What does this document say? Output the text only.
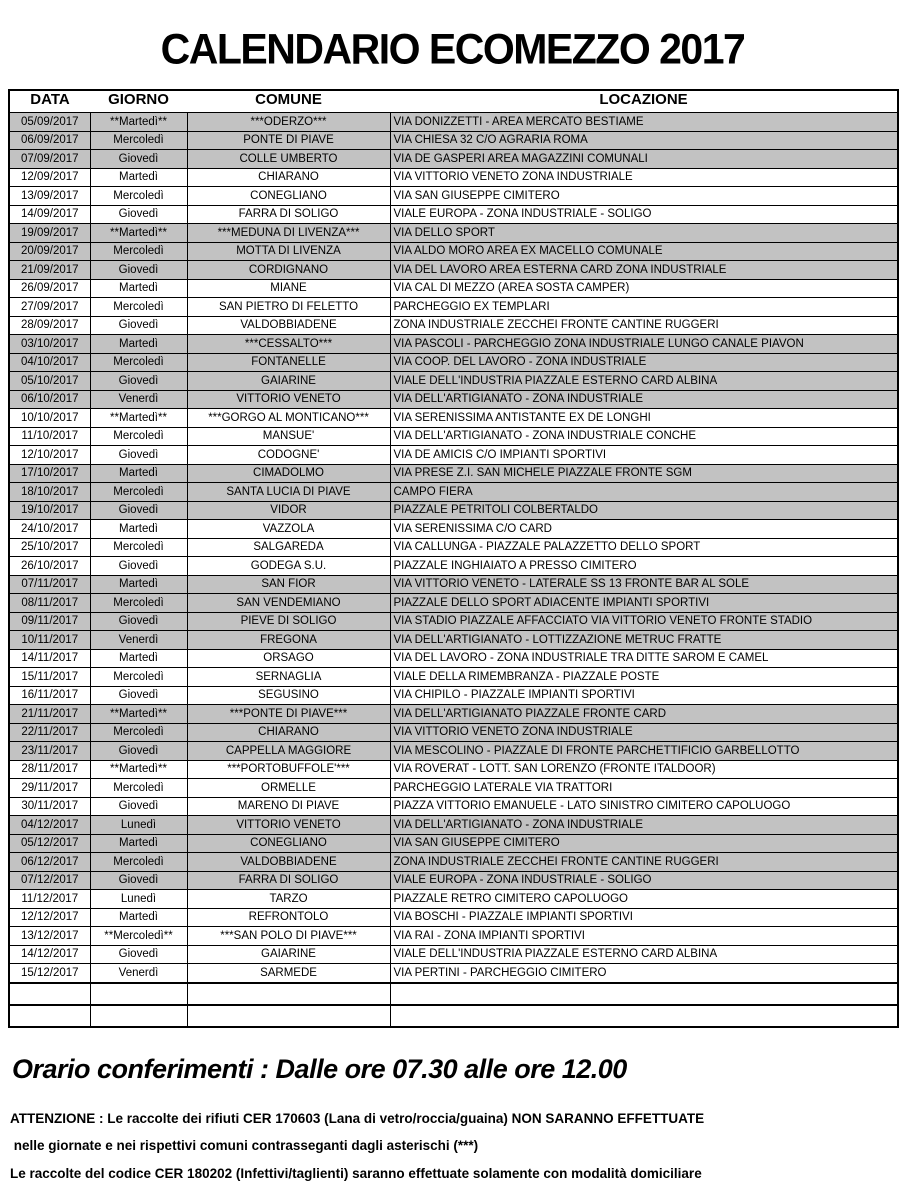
CALENDARIO ECOMEZZO 2017
DATA	GIORNO	COMUNE	LOCAZIONE
05/09/2017	**Martedì**	***ODERZO***	VIA DONIZZETTI - AREA MERCATO BESTIAME
06/09/2017	Mercoledì	PONTE DI PIAVE	VIA CHIESA 32 C/O AGRARIA ROMA
07/09/2017	Giovedì	COLLE UMBERTO	VIA DE GASPERI AREA MAGAZZINI COMUNALI
12/09/2017	Martedì	CHIARANO	VIA VITTORIO VENETO ZONA INDUSTRIALE
13/09/2017	Mercoledì	CONEGLIANO	VIA SAN GIUSEPPE CIMITERO
14/09/2017	Giovedì	FARRA DI SOLIGO	VIALE EUROPA - ZONA INDUSTRIALE - SOLIGO
19/09/2017	**Martedì**	***MEDUNA DI LIVENZA***	VIA DELLO SPORT
20/09/2017	Mercoledì	MOTTA DI LIVENZA	VIA ALDO MORO AREA EX MACELLO COMUNALE
21/09/2017	Giovedì	CORDIGNANO	VIA DEL LAVORO AREA ESTERNA CARD ZONA INDUSTRIALE
26/09/2017	Martedì	MIANE	VIA CAL DI MEZZO (AREA SOSTA CAMPER)
27/09/2017	Mercoledì	SAN PIETRO DI FELETTO	PARCHEGGIO EX TEMPLARI
28/09/2017	Giovedì	VALDOBBIADENE	ZONA INDUSTRIALE ZECCHEI FRONTE CANTINE RUGGERI
03/10/2017	Martedì	***CESSALTO***	VIA PASCOLI - PARCHEGGIO ZONA INDUSTRIALE LUNGO CANALE PIAVON
04/10/2017	Mercoledì	FONTANELLE	VIA COOP. DEL LAVORO - ZONA INDUSTRIALE
05/10/2017	Giovedì	GAIARINE	VIALE DELL'INDUSTRIA PIAZZALE ESTERNO CARD ALBINA
06/10/2017	Venerdì	VITTORIO VENETO	VIA DELL'ARTIGIANATO - ZONA INDUSTRIALE
10/10/2017	**Martedì**	***GORGO AL MONTICANO***	VIA SERENISSIMA ANTISTANTE EX DE LONGHI
11/10/2017	Mercoledì	MANSUE'	VIA DELL'ARTIGIANATO - ZONA INDUSTRIALE CONCHE
12/10/2017	Giovedì	CODOGNE'	VIA DE AMICIS C/O IMPIANTI SPORTIVI
17/10/2017	Martedì	CIMADOLMO	VIA PRESE Z.I. SAN MICHELE PIAZZALE FRONTE SGM
18/10/2017	Mercoledì	SANTA LUCIA DI PIAVE	CAMPO FIERA
19/10/2017	Giovedì	VIDOR	PIAZZALE PETRITOLI COLBERTALDO
24/10/2017	Martedì	VAZZOLA	VIA SERENISSIMA C/O CARD
25/10/2017	Mercoledì	SALGAREDA	VIA CALLUNGA - PIAZZALE PALAZZETTO DELLO SPORT
26/10/2017	Giovedì	GODEGA S.U.	PIAZZALE INGHIAIATO A PRESSO CIMITERO
07/11/2017	Martedì	SAN FIOR	VIA VITTORIO VENETO - LATERALE SS 13 FRONTE BAR AL SOLE
08/11/2017	Mercoledì	SAN VENDEMIANO	PIAZZALE DELLO SPORT ADIACENTE IMPIANTI SPORTIVI
09/11/2017	Giovedì	PIEVE DI SOLIGO	VIA STADIO PIAZZALE AFFACCIATO VIA VITTORIO VENETO FRONTE STADIO
10/11/2017	Venerdì	FREGONA	VIA DELL'ARTIGIANATO - LOTTIZZAZIONE METRUC FRATTE
14/11/2017	Martedì	ORSAGO	VIA DEL LAVORO - ZONA INDUSTRIALE TRA DITTE SAROM E CAMEL
15/11/2017	Mercoledì	SERNAGLIA	VIALE DELLA RIMEMBRANZA - PIAZZALE POSTE
16/11/2017	Giovedì	SEGUSINO	VIA CHIPILO - PIAZZALE IMPIANTI SPORTIVI
21/11/2017	**Martedì**	***PONTE DI PIAVE***	VIA DELL'ARTIGIANATO PIAZZALE FRONTE CARD
22/11/2017	Mercoledì	CHIARANO	VIA VITTORIO VENETO ZONA INDUSTRIALE
23/11/2017	Giovedì	CAPPELLA MAGGIORE	VIA MESCOLINO - PIAZZALE DI FRONTE PARCHETTIFICIO GARBELLOTTO
28/11/2017	**Martedì**	***PORTOBUFFOLE'***	VIA ROVERAT - LOTT. SAN LORENZO (FRONTE ITALDOOR)
29/11/2017	Mercoledì	ORMELLE	PARCHEGGIO LATERALE VIA TRATTORI
30/11/2017	Giovedì	MARENO DI PIAVE	PIAZZA VITTORIO EMANUELE - LATO SINISTRO CIMITERO CAPOLUOGO
04/12/2017	Lunedì	VITTORIO VENETO	VIA DELL'ARTIGIANATO - ZONA INDUSTRIALE
05/12/2017	Martedì	CONEGLIANO	VIA SAN GIUSEPPE CIMITERO
06/12/2017	Mercoledì	VALDOBBIADENE	ZONA INDUSTRIALE ZECCHEI FRONTE CANTINE RUGGERI
07/12/2017	Giovedì	FARRA DI SOLIGO	VIALE EUROPA - ZONA INDUSTRIALE - SOLIGO
11/12/2017	Lunedì	TARZO	PIAZZALE RETRO CIMITERO CAPOLUOGO
12/12/2017	Martedì	REFRONTOLO	VIA BOSCHI - PIAZZALE IMPIANTI SPORTIVI
13/12/2017	**Mercoledì**	***SAN POLO DI PIAVE***	VIA RAI - ZONA IMPIANTI SPORTIVI
14/12/2017	Giovedì	GAIARINE	VIALE DELL'INDUSTRIA PIAZZALE ESTERNO CARD ALBINA
15/12/2017	Venerdì	SARMEDE	VIA PERTINI - PARCHEGGIO CIMITERO

Orario conferimenti : Dalle ore 07.30 alle ore 12.00

ATTENZIONE : Le raccolte dei rifiuti CER 170603 (Lana di vetro/roccia/guaina) NON SARANNO EFFETTUATE

nelle giornate e nei rispettivi comuni contrasseganti dagli asterischi (***)

Le raccolte del codice CER 180202 (Infettivi/taglienti) saranno effettuate solamente con modalità domiciliare
